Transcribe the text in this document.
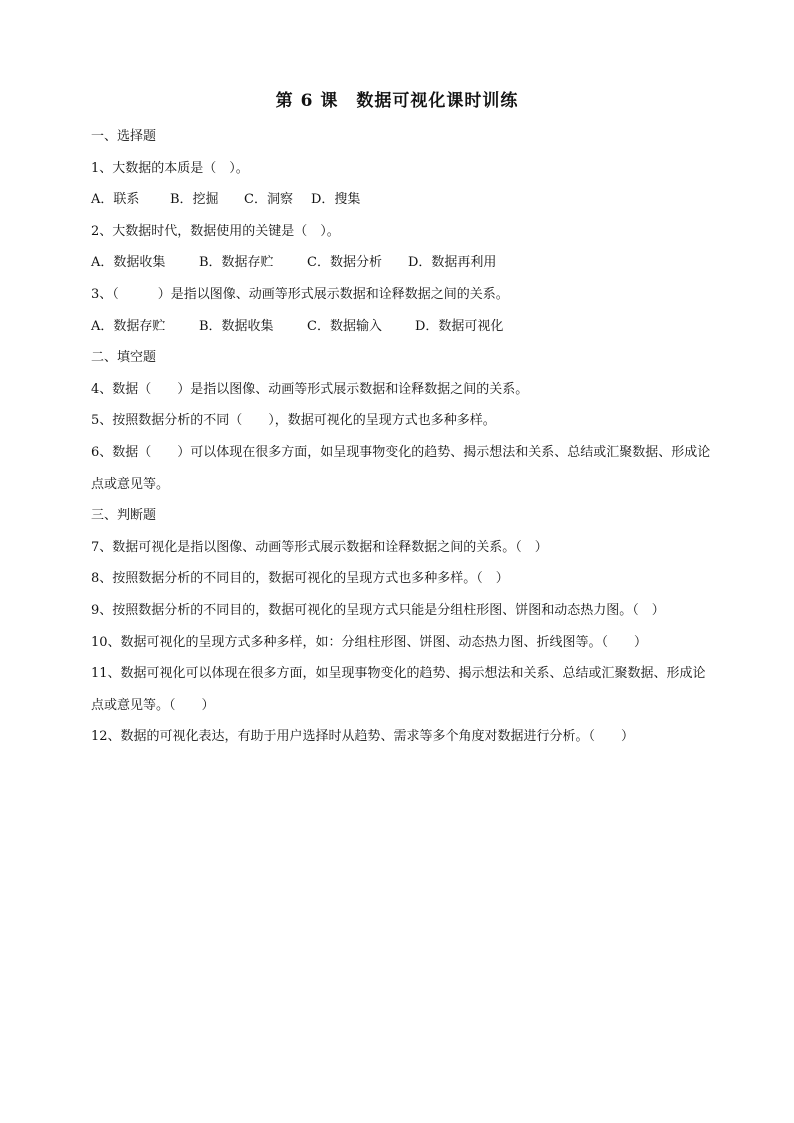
第 6 课　数据可视化课时训练
一、选择题
1、大数据的本质是（　）。
A．联系 B．挖掘 C．洞察 D．搜集
2、大数据时代，数据使用的关键是（　）。
A．数据收集	B．数据存贮	C．数据分析 D．数据再利用
3、（　　　）是指以图像、动画等形式展示数据和诠释数据之间的关系。
A．数据存贮	B．数据收集	C．数据输入	D．数据可视化
二、填空题
4、数据（　　）是指以图像、动画等形式展示数据和诠释数据之间的关系。
5、按照数据分析的不同（　　），数据可视化的呈现方式也多种多样。
6、数据（　　）可以体现在很多方面，如呈现事物变化的趋势、揭示想法和关系、总结或汇聚数据、形成论点或意见等。
三、判断题
7、数据可视化是指以图像、动画等形式展示数据和诠释数据之间的关系。（　）
8、按照数据分析的不同目的，数据可视化的呈现方式也多种多样。（　）
9、按照数据分析的不同目的，数据可视化的呈现方式只能是分组柱形图、饼图和动态热力图。（　）
10、数据可视化的呈现方式多种多样，如：分组柱形图、饼图、动态热力图、折线图等。（　　）
11、数据可视化可以体现在很多方面，如呈现事物变化的趋势、揭示想法和关系、总结或汇聚数据、形成论点或意见等。（　　）
12、数据的可视化表达，有助于用户选择时从趋势、需求等多个角度对数据进行分析。（　　）
